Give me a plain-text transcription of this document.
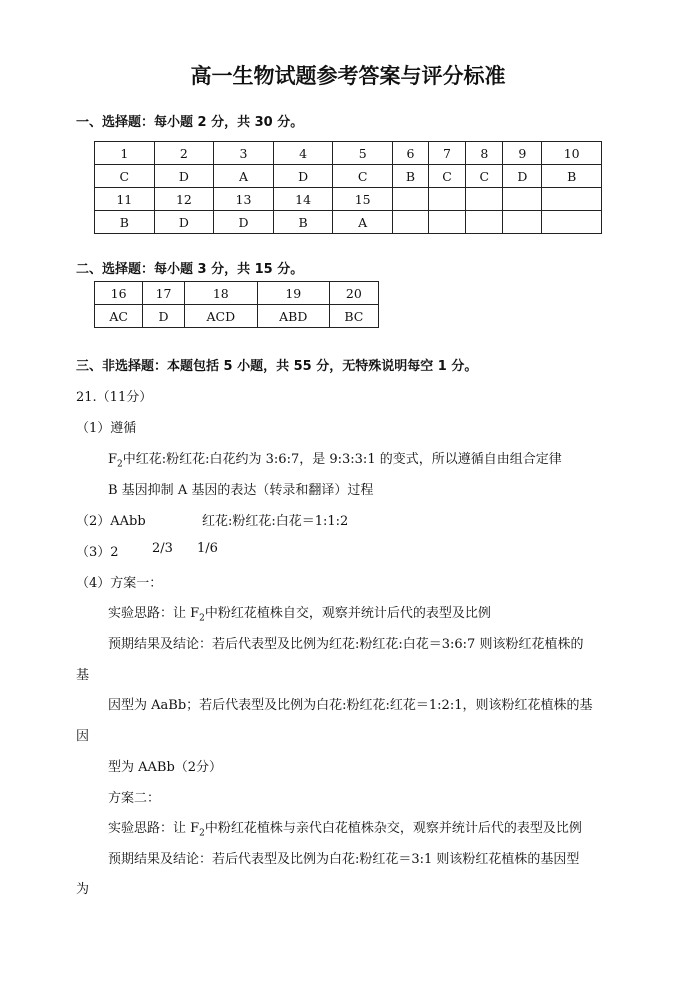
高一生物试题参考答案与评分标准
一、选择题：每小题 2 分，共 30 分。
1	2	3	4	5	6	7	8	9	10
C	D	A	D	C	B	C	C	D	B
11	12	13	14	15					
B	D	D	B	A					
二、选择题：每小题 3 分，共 15 分。
16	17	18	19	20
AC	D	ACD	ABD	BC
三、非选择题：本题包括 5 小题，共 55 分，无特殊说明每空 1 分。
21.（11分）
（1）遵循
$F_2$中红花:粉红花:白花约为 3:6:7，是 9:3:3:1 的变式，所以遵循自由组合定律
B 基因抑制 A 基因的表达（转录和翻译）过程
（2）AAbb	红花:粉红花:白花＝1:1:2
（3）2	2/3 1/6
（4）方案一：
实验思路：让 $F_2$中粉红花植株自交，观察并统计后代的表型及比例
预期结果及结论：若后代表型及比例为红花:粉红花:白花＝3:6:7 则该粉红花植株的
基
因型为 AaBb；若后代表型及比例为白花:粉红花:红花＝1:2:1，则该粉红花植株的基
因
型为 AABb（2分）
方案二：
实验思路：让 $F_2$中粉红花植株与亲代白花植株杂交，观察并统计后代的表型及比例
预期结果及结论：若后代表型及比例为白花:粉红花＝3:1 则该粉红花植株的基因型
为
